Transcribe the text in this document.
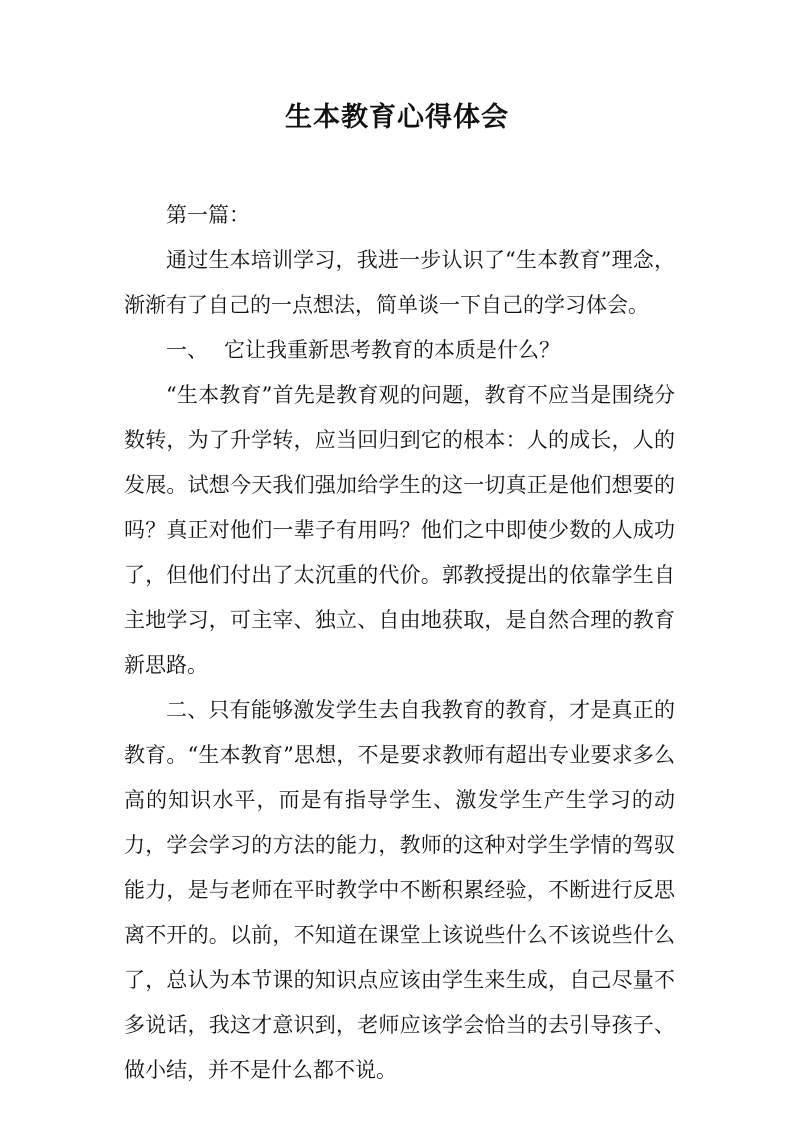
生本教育心得体会

第一篇：

通过生本培训学习，我进一步认识了“生本教育”理念，渐渐有了自己的一点想法，简单谈一下自己的学习体会。

一、 它让我重新思考教育的本质是什么？

“生本教育”首先是教育观的问题，教育不应当是围绕分数转，为了升学转，应当回归到它的根本：人的成长，人的发展。试想今天我们强加给学生的这一切真正是他们想要的吗？真正对他们一辈子有用吗？他们之中即使少数的人成功了，但他们付出了太沉重的代价。郭教授提出的依靠学生自主地学习，可主宰、独立、自由地获取，是自然合理的教育新思路。

二、只有能够激发学生去自我教育的教育，才是真正的教育。“生本教育”思想，不是要求教师有超出专业要求多么高的知识水平，而是有指导学生、激发学生产生学习的动力，学会学习的方法的能力，教师的这种对学生学情的驾驭能力，是与老师在平时教学中不断积累经验，不断进行反思离不开的。以前，不知道在课堂上该说些什么不该说些什么了，总认为本节课的知识点应该由学生来生成，自己尽量不多说话，我这才意识到，老师应该学会恰当的去引导孩子、做小结，并不是什么都不说。
